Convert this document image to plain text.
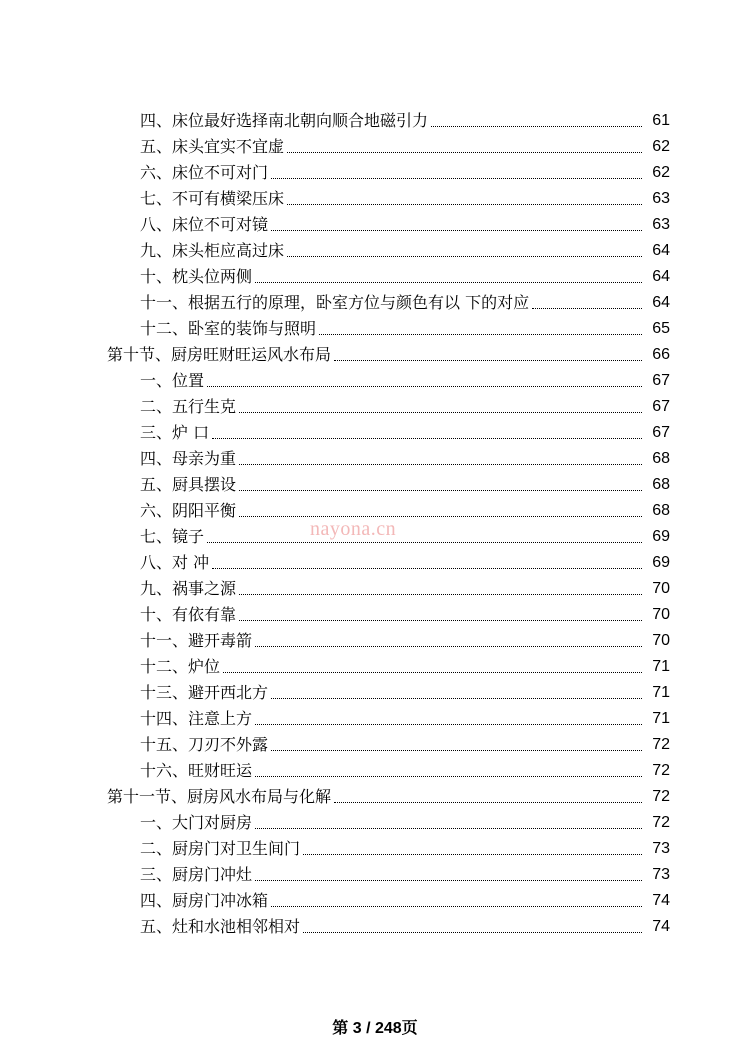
四、床位最好选择南北朝向顺合地磁引力	61
五、床头宜实不宜虚	62
六、床位不可对门	62
七、不可有横梁压床	63
八、床位不可对镜	63
九、床头柜应高过床	64
十、枕头位两侧	64
十一、根据五行的原理，卧室方位与颜色有以 下的对应	64
十二、卧室的装饰与照明	65
第十节、厨房旺财旺运风水布局	66
一、位置	67
二、五行生克	67
三、炉 口	67
四、母亲为重	68
五、厨具摆设	68
六、阴阳平衡	68
七、镜子	69
八、对 冲	69
九、祸事之源	70
十、有依有靠	70
十一、避开毒箭	70
十二、炉位	71
十三、避开西北方	71
十四、注意上方	71
十五、刀刃不外露	72
十六、旺财旺运	72
第十一节、厨房风水布局与化解	72
一、大门对厨房	72
二、厨房门对卫生间门	73
三、厨房门冲灶	73
四、厨房门冲冰箱	74
五、灶和水池相邻相对	74
nayona.cn
第 3 / 248页
